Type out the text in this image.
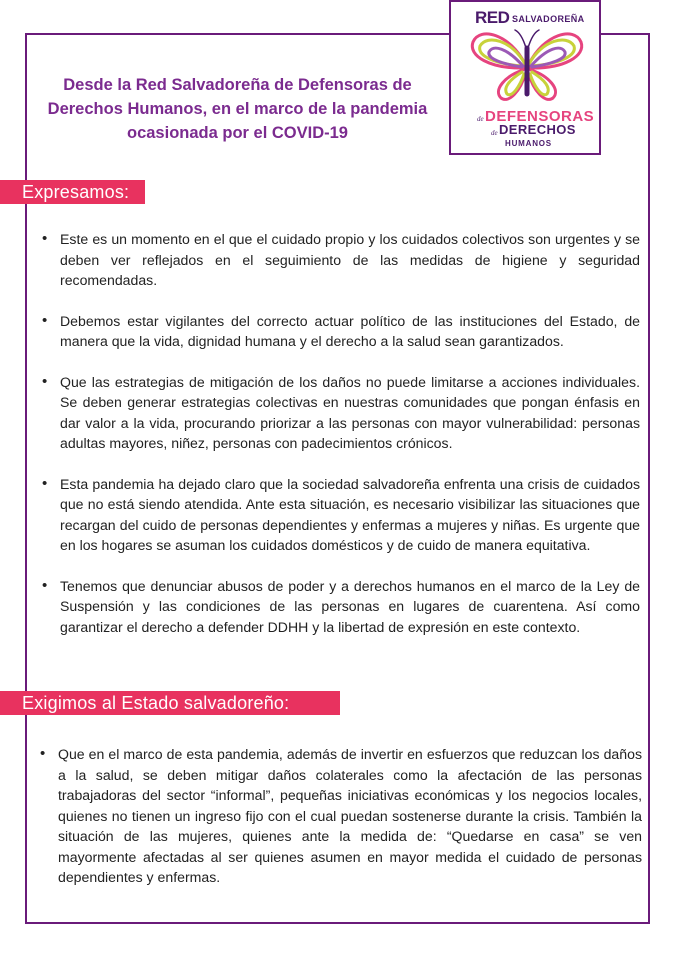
RED SALVADOREÑA
de DEFENSORAS
de DERECHOS
HUMANOS
Desde la Red Salvadoreña de Defensoras de Derechos Humanos, en el marco de la pandemia ocasionada por el COVID-19
Expresamos:
• Este es un momento en el que el cuidado propio y los cuidados colectivos son urgentes y se deben ver reflejados en el seguimiento de las medidas de higiene y seguridad recomendadas.
• Debemos estar vigilantes del correcto actuar político de las instituciones del Estado, de manera que la vida, dignidad humana y el derecho a la salud sean garantizados.
• Que las estrategias de mitigación de los daños no puede limitarse a acciones individuales. Se deben generar estrategias colectivas en nuestras comunidades que pongan énfasis en dar valor a la vida, procurando priorizar a las personas con mayor vulnerabilidad: personas adultas mayores, niñez, personas con padecimientos crónicos.
• Esta pandemia ha dejado claro que la sociedad salvadoreña enfrenta una crisis de cuidados que no está siendo atendida. Ante esta situación, es necesario visibilizar las situaciones que recargan del cuido de personas dependientes y enfermas a mujeres y niñas. Es urgente que en los hogares se asuman los cuidados domésticos y de cuido de manera equitativa.
• Tenemos que denunciar abusos de poder y a derechos humanos en el marco de la Ley de Suspensión y las condiciones de las personas en lugares de cuarentena. Así como garantizar el derecho a defender DDHH y la libertad de expresión en este contexto.
Exigimos al Estado salvadoreño:
• Que en el marco de esta pandemia, además de invertir en esfuerzos que reduzcan los daños a la salud, se deben mitigar daños colaterales como la afectación de las personas trabajadoras del sector “informal”, pequeñas iniciativas económicas y los negocios locales, quienes no tienen un ingreso fijo con el cual puedan sostenerse durante la crisis. También la situación de las mujeres, quienes ante la medida de: “Quedarse en casa” se ven mayormente afectadas al ser quienes asumen en mayor medida el cuidado de personas dependientes y enfermas.
